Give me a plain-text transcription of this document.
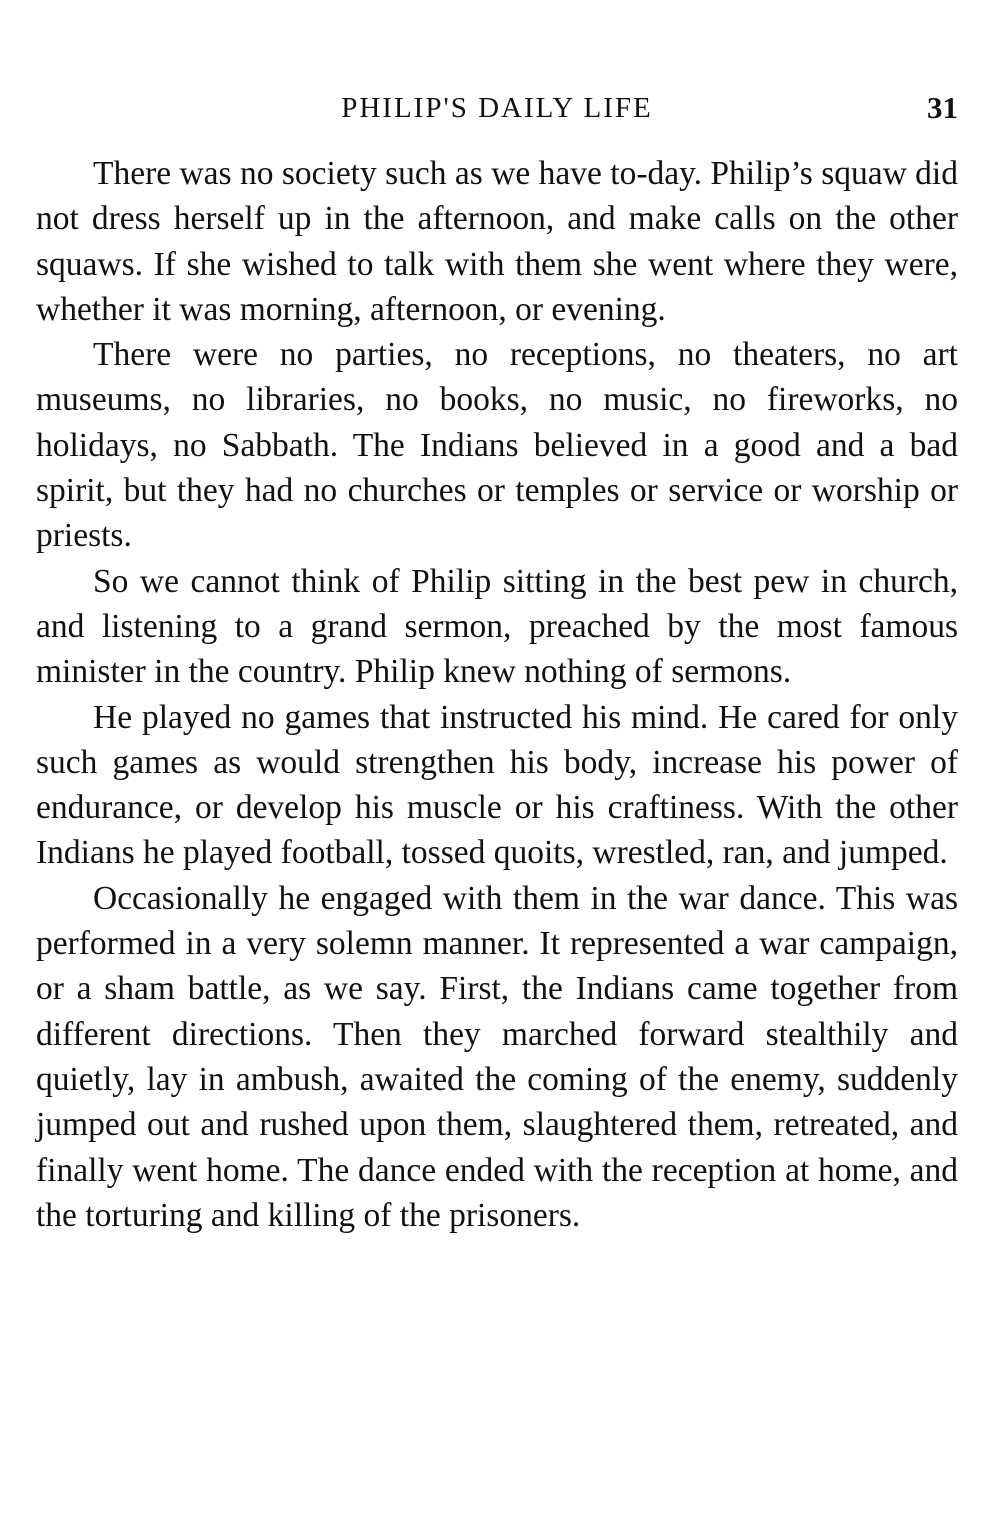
PHILIP'S DAILY LIFE	31

There was no society such as we have to-day. Philip’s squaw did not dress herself up in the afternoon, and make calls on the other squaws. If she wished to talk with them she went where they were, whether it was morning, afternoon, or evening.

There were no parties, no receptions, no theaters, no art museums, no libraries, no books, no music, no fireworks, no holidays, no Sabbath. The Indians believed in a good and a bad spirit, but they had no churches or temples or service or worship or priests.

So we cannot think of Philip sitting in the best pew in church, and listening to a grand sermon, preached by the most famous minister in the country. Philip knew nothing of sermons.

He played no games that instructed his mind. He cared for only such games as would strengthen his body, increase his power of endurance, or develop his muscle or his craftiness. With the other Indians he played football, tossed quoits, wrestled, ran, and jumped.

Occasionally he engaged with them in the war dance. This was performed in a very solemn manner. It represented a war campaign, or a sham battle, as we say. First, the Indians came together from different directions. Then they marched forward stealthily and quietly, lay in ambush, awaited the coming of the enemy, suddenly jumped out and rushed upon them, slaughtered them, retreated, and finally went home. The dance ended with the reception at home, and the torturing and killing of the prisoners.
